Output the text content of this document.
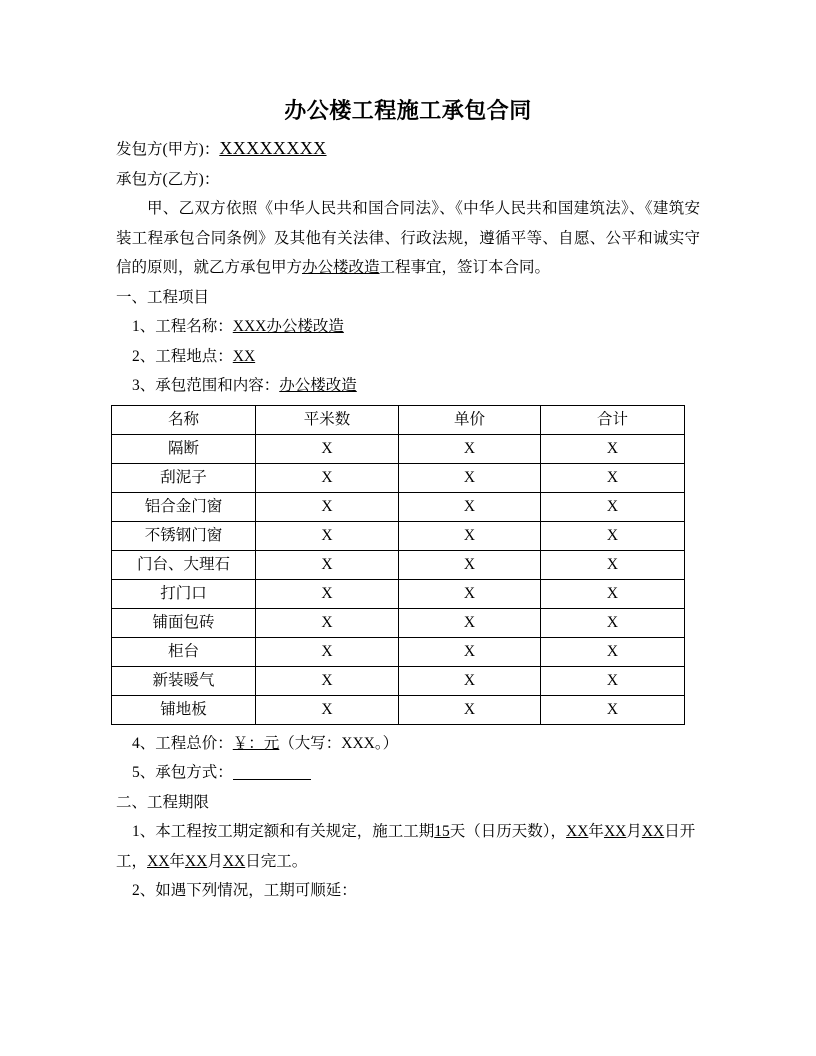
办公楼工程施工承包合同
发包方(甲方)：XXXXXXXX
承包方(乙方)：
甲、乙双方依照《中华人民共和国合同法》、《中华人民共和国建筑法》、《建筑安装工程承包合同条例》及其他有关法律、行政法规，遵循平等、自愿、公平和诚实守信的原则，就乙方承包甲方办公楼改造工程事宜，签订本合同。
一、工程项目
1、工程名称：XXX办公楼改造
2、工程地点：XX
3、承包范围和内容：办公楼改造
名称	平米数	单价	合计
隔断	X	X	X
刮泥子	X	X	X
铝合金门窗	X	X	X
不锈钢门窗	X	X	X
门台、大理石	X	X	X
打门口	X	X	X
铺面包砖	X	X	X
柜台	X	X	X
新装暖气	X	X	X
铺地板	X	X	X
4、工程总价：￥：元（大写：XXX。）
5、承包方式：
二、工程期限
1、本工程按工期定额和有关规定，施工工期15天（日历天数），XX年XX月XX日开工，XX年XX月XX日完工。
2、如遇下列情况，工期可顺延：
